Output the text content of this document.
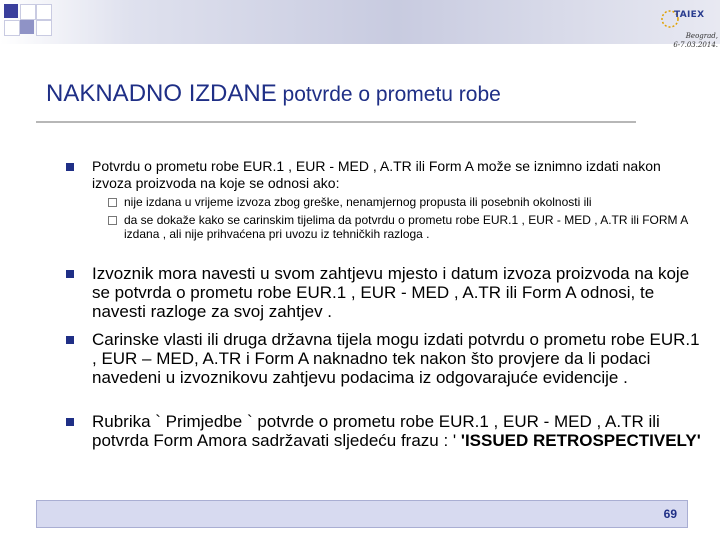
TAIEX
Beograd,
6-7.03.2014.
NAKNADNO IZDANE potvrde o prometu robe
Potvrdu o prometu robe EUR.1 , EUR - MED , A.TR ili Form A može se iznimno izdati nakon izvoza proizvoda na koje se odnosi ako:
nije izdana u vrijeme izvoza zbog greške, nenamjernog propusta ili posebnih okolnosti ili
da se dokaže kako se carinskim tijelima da potvrdu o prometu robe EUR.1 , EUR - MED , A.TR ili FORM A izdana , ali nije prihvaćena pri uvozu iz tehničkih razloga .
Izvoznik mora navesti u svom zahtjevu mjesto i datum izvoza proizvoda na koje se potvrda o prometu robe EUR.1 , EUR - MED , A.TR ili Form A odnosi, te navesti razloge za svoj zahtjev .
Carinske vlasti ili druga državna tijela mogu izdati potvrdu o prometu robe EUR.1 , EUR – MED, A.TR i Form A naknadno tek nakon što provjere da li podaci navedeni u izvoznikovu zahtjevu podacima iz odgovarajuće evidencije .
Rubrika ` Primjedbe ` potvrde o prometu robe EUR.1 , EUR - MED , A.TR ili potvrda Form Amora sadržavati sljedeću frazu : ' 'ISSUED RETROSPECTIVELY'
69
